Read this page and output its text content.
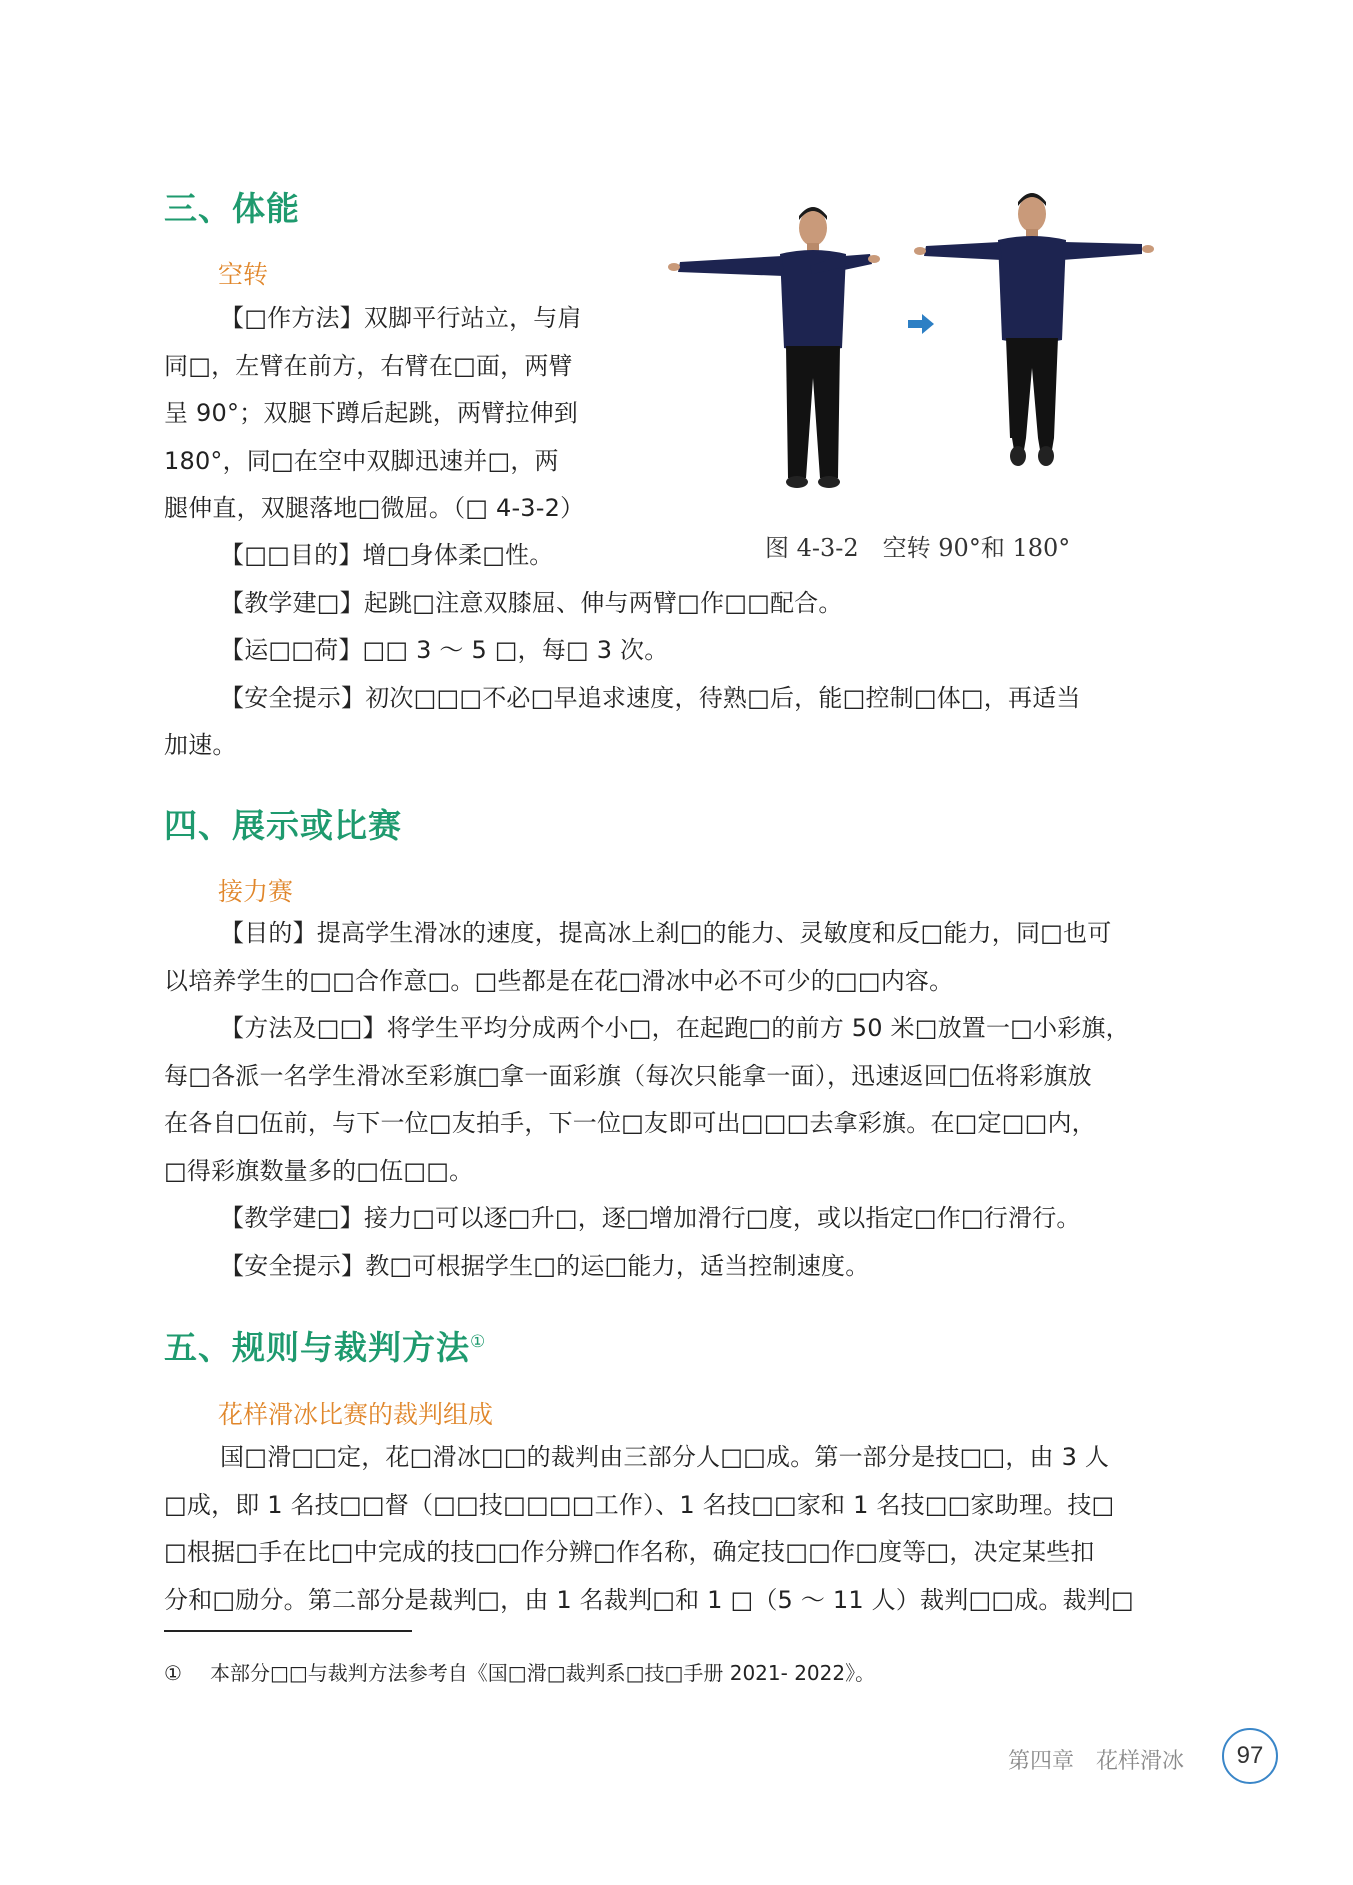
三、体能
空转
【□作方法】双脚平行站立，与肩
同□，左臂在前方，右臂在□面，两臂
呈 90°；双腿下蹲后起跳，两臂拉伸到
180°，同□在空中双脚迅速并□，两
腿伸直，双腿落地□微屈。（□ 4-3-2）
【□□目的】增□身体柔□性。
【教学建□】起跳□注意双膝屈、伸与两臂□作□□配合。
【运□□荷】□□ 3 ～ 5 □，每□ 3 次。
【安全提示】初次□□□不必□早追求速度，待熟□后，能□控制□体□，再适当
加速。
图 4-3-2　空转 90°和 180°
四、展示或比赛
接力赛
【目的】提高学生滑冰的速度，提高冰上刹□的能力、灵敏度和反□能力，同□也可
以培养学生的□□合作意□。□些都是在花□滑冰中必不可少的□□内容。
【方法及□□】将学生平均分成两个小□，在起跑□的前方 50 米□放置一□小彩旗，
每□各派一名学生滑冰至彩旗□拿一面彩旗（每次只能拿一面），迅速返回□伍将彩旗放
在各自□伍前，与下一位□友拍手，下一位□友即可出□□□去拿彩旗。在□定□□内，
□得彩旗数量多的□伍□□。
【教学建□】接力□可以逐□升□，逐□增加滑行□度，或以指定□作□行滑行。
【安全提示】教□可根据学生□的运□能力，适当控制速度。
五、规则与裁判方法①
花样滑冰比赛的裁判组成
国□滑□□定，花□滑冰□□的裁判由三部分人□□成。第一部分是技□□，由 3 人
□成，即 1 名技□□督（□□技□□□□工作）、1 名技□□家和 1 名技□□家助理。技□
□根据□手在比□中完成的技□□作分辨□作名称，确定技□□作□度等□，决定某些扣
分和□励分。第二部分是裁判□，由 1 名裁判□和 1 □（5 ～ 11 人）裁判□□成。裁判□
① 本部分□□与裁判方法参考自《国□滑□裁判系□技□手册 2021- 2022》。
第四章　花样滑冰	97
